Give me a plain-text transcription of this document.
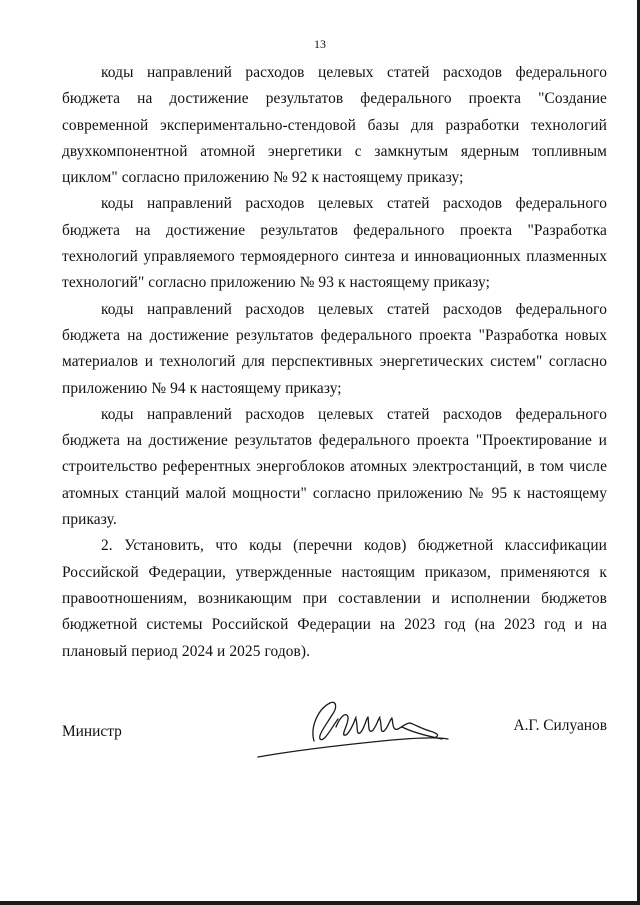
13

коды направлений расходов целевых статей расходов федерального бюджета на достижение результатов федерального проекта "Создание современной экспериментально-стендовой базы для разработки технологий двухкомпонентной атомной энергетики с замкнутым ядерным топливным циклом" согласно приложению № 92 к настоящему приказу;

коды направлений расходов целевых статей расходов федерального бюджета на достижение результатов федерального проекта "Разработка технологий управляемого термоядерного синтеза и инновационных плазменных технологий" согласно приложению № 93 к настоящему приказу;

коды направлений расходов целевых статей расходов федерального бюджета на достижение результатов федерального проекта "Разработка новых материалов и технологий для перспективных энергетических систем" согласно приложению № 94 к настоящему приказу;

коды направлений расходов целевых статей расходов федерального бюджета на достижение результатов федерального проекта "Проектирование и строительство референтных энергоблоков атомных электростанций, в том числе атомных станций малой мощности" согласно приложению № 95 к настоящему приказу.

2. Установить, что коды (перечни кодов) бюджетной классификации Российской Федерации, утвержденные настоящим приказом, применяются к правоотношениям, возникающим при составлении и исполнении бюджетов бюджетной системы Российской Федерации на 2023 год (на 2023 год и на плановый период 2024 и 2025 годов).

Министр	А.Г. Силуанов
